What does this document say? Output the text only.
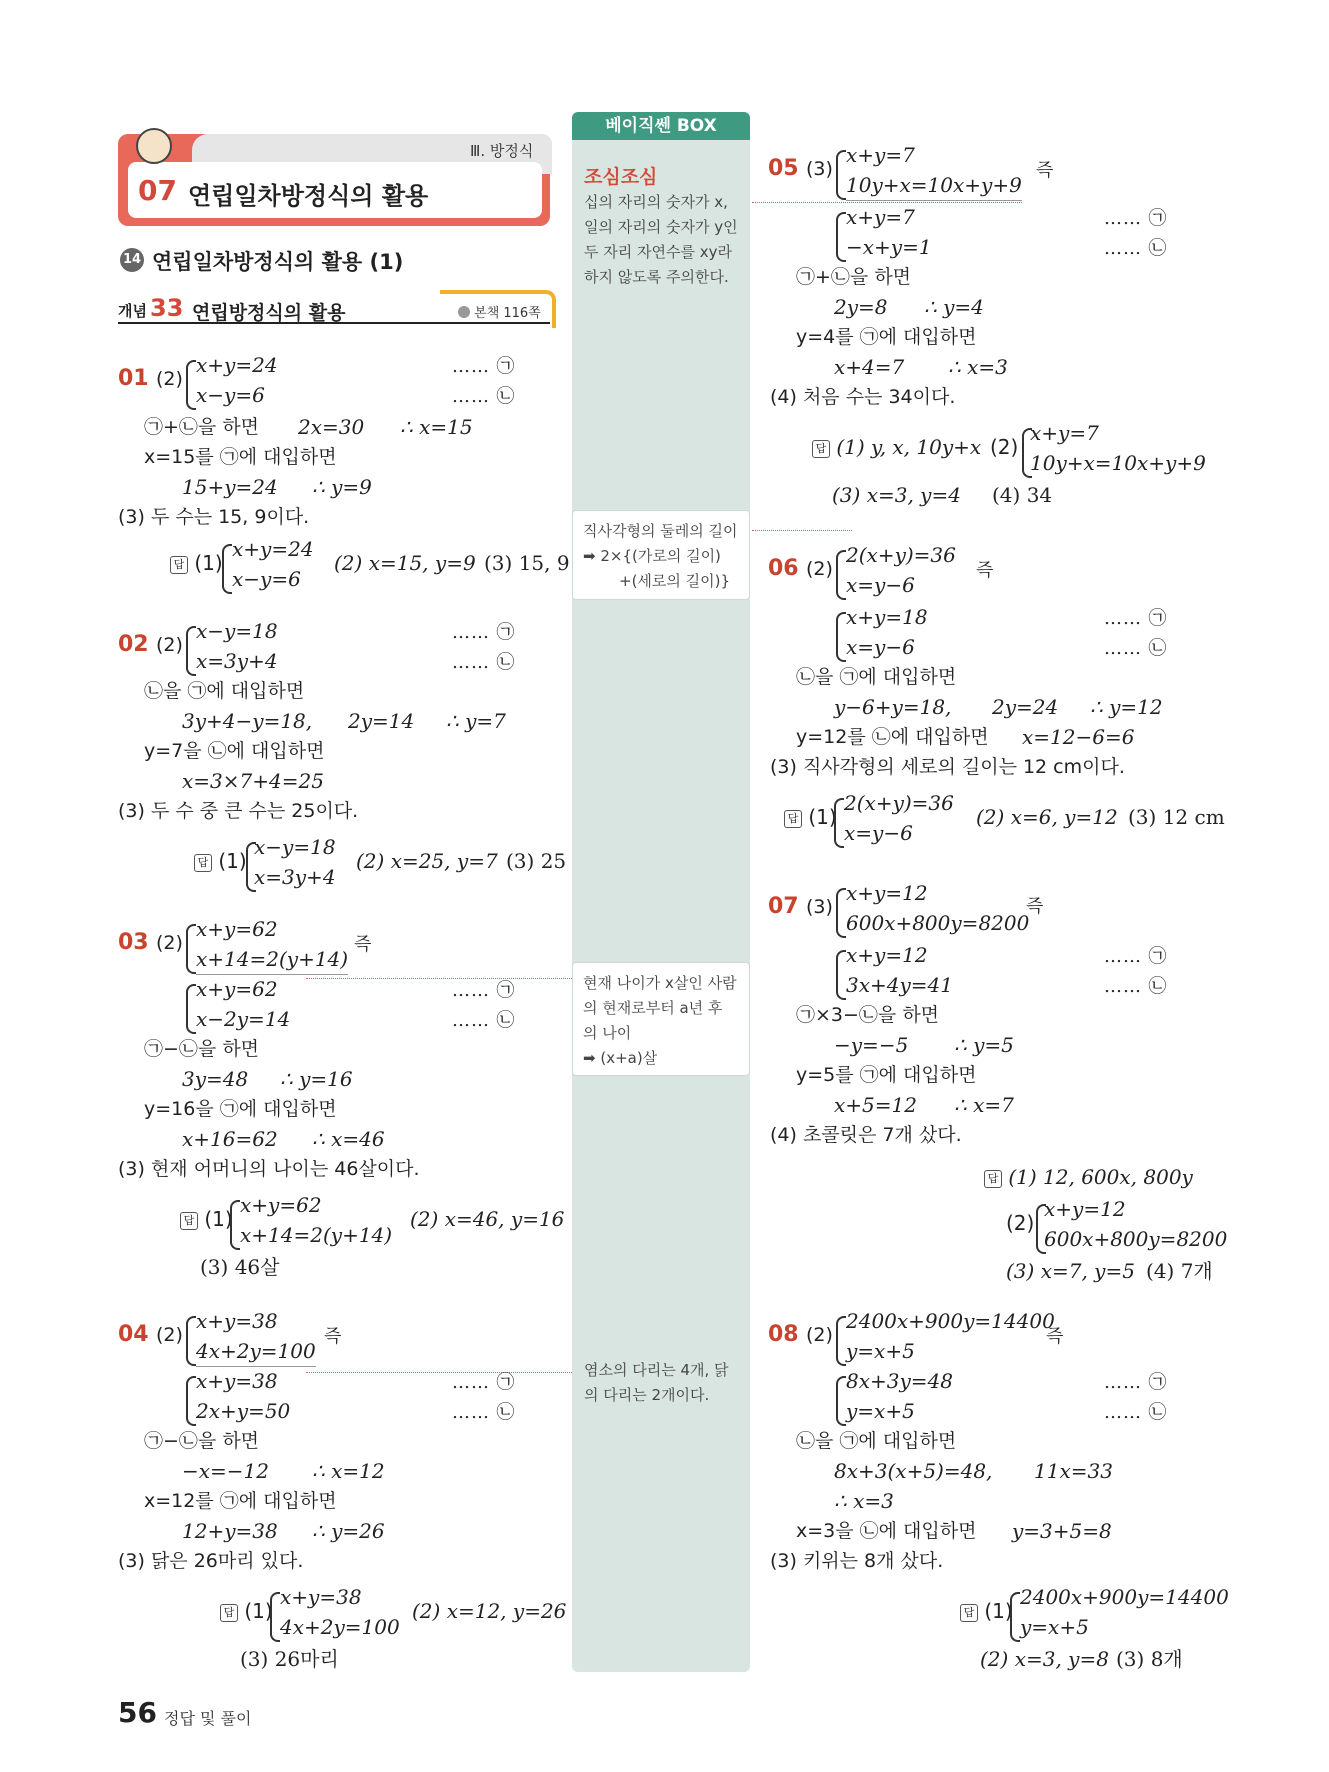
Ⅲ. 방정식
07 연립일차방정식의 활용
14 연립일차방정식의 활용 (1)
개념 33 연립방정식의 활용	본책 116쪽
베이직쎈 BOX
조심조심
십의 자리의 숫자가 x, 일의 자리의 숫자가 y인 두 자리 자연수를 xy라 하지 않도록 주의한다.
직사각형의 둘레의 길이
➡ 2×{(가로의 길이)
+(세로의 길이)}
현재 나이가 x살인 사람
의 현재로부터 a년 후
의 나이
➡ (x+a)살
염소의 다리는 4개, 닭
의 다리는 2개이다.
01 (2)
x+y=24
x−y=6
…… ㉠
…… ㉡
㉠+㉡을 하면 2x=30 ∴ x=15
x=15를 ㉠에 대입하면
15+y=24 ∴ y=9
(3) 두 수는 15, 9이다.
답 (1)
x+y=24
x−y=6
(2) x=15, y=9 (3) 15, 9
02 (2)
x−y=18
x=3y+4
…… ㉠
…… ㉡
㉡을 ㉠에 대입하면
3y+4−y=18, 2y=14 ∴ y=7
y=7을 ㉡에 대입하면
x=3×7+4=25
(3) 두 수 중 큰 수는 25이다.
답 (1)
x−y=18
x=3y+4
(2) x=25, y=7 (3) 25
03 (2)
x+y=62
x+14=2(y+14)
즉
x+y=62
x−2y=14
…… ㉠
…… ㉡
㉠−㉡을 하면
3y=48 ∴ y=16
y=16을 ㉠에 대입하면
x+16=62 ∴ x=46
(3) 현재 어머니의 나이는 46살이다.
답 (1)
x+y=62
x+14=2(y+14)
(2) x=46, y=16
(3) 46살
04 (2)
x+y=38
4x+2y=100
즉
x+y=38
2x+y=50
…… ㉠
…… ㉡
㉠−㉡을 하면
−x=−12 ∴ x=12
x=12를 ㉠에 대입하면
12+y=38 ∴ y=26
(3) 닭은 26마리 있다.
답 (1)
x+y=38
4x+2y=100
(2) x=12, y=26
(3) 26마리
05 (3)
x+y=7
10y+x=10x+y+9
즉
x+y=7
−x+y=1
…… ㉠
…… ㉡
㉠+㉡을 하면
2y=8 ∴ y=4
y=4를 ㉠에 대입하면
x+4=7 ∴ x=3
(4) 처음 수는 34이다.
답 (1) y, x, 10y+x (2)
x+y=7
10y+x=10x+y+9
(3) x=3, y=4 (4) 34
06 (2)
2(x+y)=36
x=y−6
즉
x+y=18
x=y−6
…… ㉠
…… ㉡
㉡을 ㉠에 대입하면
y−6+y=18, 2y=24 ∴ y=12
y=12를 ㉡에 대입하면 x=12−6=6
(3) 직사각형의 세로의 길이는 12 cm이다.
답 (1)
2(x+y)=36
x=y−6
(2) x=6, y=12 (3) 12 cm
07 (3)
x+y=12
600x+800y=8200
즉
x+y=12
3x+4y=41
…… ㉠
…… ㉡
㉠×3−㉡을 하면
−y=−5 ∴ y=5
y=5를 ㉠에 대입하면
x+5=12 ∴ x=7
(4) 초콜릿은 7개 샀다.
답 (1) 12, 600x, 800y
(2)
x+y=12
600x+800y=8200
(3) x=7, y=5 (4) 7개
08 (2)
2400x+900y=14400
y=x+5
즉
8x+3y=48
y=x+5
…… ㉠
…… ㉡
㉡을 ㉠에 대입하면
8x+3(x+5)=48, 11x=33
∴ x=3
x=3을 ㉡에 대입하면 y=3+5=8
(3) 키위는 8개 샀다.
답 (1)
2400x+900y=14400
y=x+5
(2) x=3, y=8 (3) 8개
56 정답 및 풀이
